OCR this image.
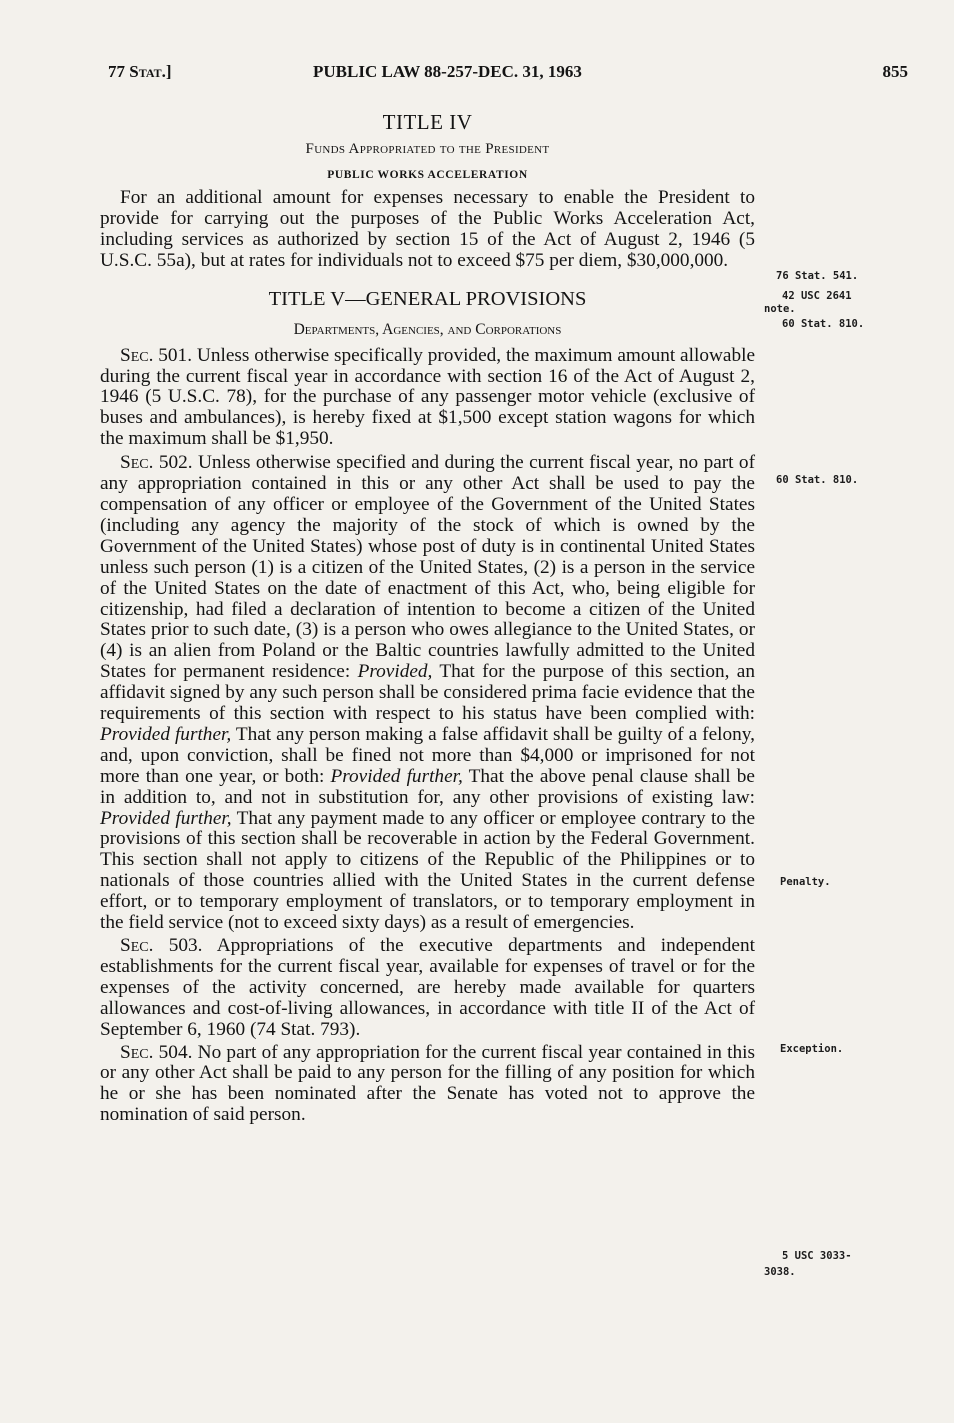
77 Stat.]	PUBLIC LAW 88-257-DEC. 31, 1963	855
TITLE IV
Funds Appropriated to the President
PUBLIC WORKS ACCELERATION

For an additional amount for expenses necessary to enable the President to provide for carrying out the purposes of the Public Works Acceleration Act, including services as authorized by section 15 of the Act of August 2, 1946 (5 U.S.C. 55a), but at rates for individuals not to exceed $75 per diem, $30,000,000.

TITLE V—GENERAL PROVISIONS
Departments, Agencies, and Corporations

Sec. 501. Unless otherwise specifically provided, the maximum amount allowable during the current fiscal year in accordance with section 16 of the Act of August 2, 1946 (5 U.S.C. 78), for the purchase of any passenger motor vehicle (exclusive of buses and ambulances), is hereby fixed at $1,500 except station wagons for which the maximum shall be $1,950.

Sec. 502. Unless otherwise specified and during the current fiscal year, no part of any appropriation contained in this or any other Act shall be used to pay the compensation of any officer or employee of the Government of the United States (including any agency the majority of the stock of which is owned by the Government of the United States) whose post of duty is in continental United States unless such person (1) is a citizen of the United States, (2) is a person in the service of the United States on the date of enactment of this Act, who, being eligible for citizenship, had filed a declaration of intention to become a citizen of the United States prior to such date, (3) is a person who owes allegiance to the United States, or (4) is an alien from Poland or the Baltic countries lawfully admitted to the United States for permanent residence: Provided, That for the purpose of this section, an affidavit signed by any such person shall be considered prima facie evidence that the requirements of this section with respect to his status have been complied with: Provided further, That any person making a false affidavit shall be guilty of a felony, and, upon conviction, shall be fined not more than $4,000 or imprisoned for not more than one year, or both: Provided further, That the above penal clause shall be in addition to, and not in substitution for, any other provisions of existing law: Provided further, That any payment made to any officer or employee contrary to the provisions of this section shall be recoverable in action by the Federal Government. This section shall not apply to citizens of the Republic of the Philippines or to nationals of those countries allied with the United States in the current defense effort, or to temporary employment of translators, or to temporary employment in the field service (not to exceed sixty days) as a result of emergencies.

Sec. 503. Appropriations of the executive departments and independent establishments for the current fiscal year, available for expenses of travel or for the expenses of the activity concerned, are hereby made available for quarters allowances and cost-of-living allowances, in accordance with title II of the Act of September 6, 1960 (74 Stat. 793).

Sec. 504. No part of any appropriation for the current fiscal year contained in this or any other Act shall be paid to any person for the filling of any position for which he or she has been nominated after the Senate has voted not to approve the nomination of said person.

76 Stat. 541.
42 USC 2641
note.
60 Stat. 810.
60 Stat. 810.
Penalty.
Exception.
5 USC 3033-
3038.
